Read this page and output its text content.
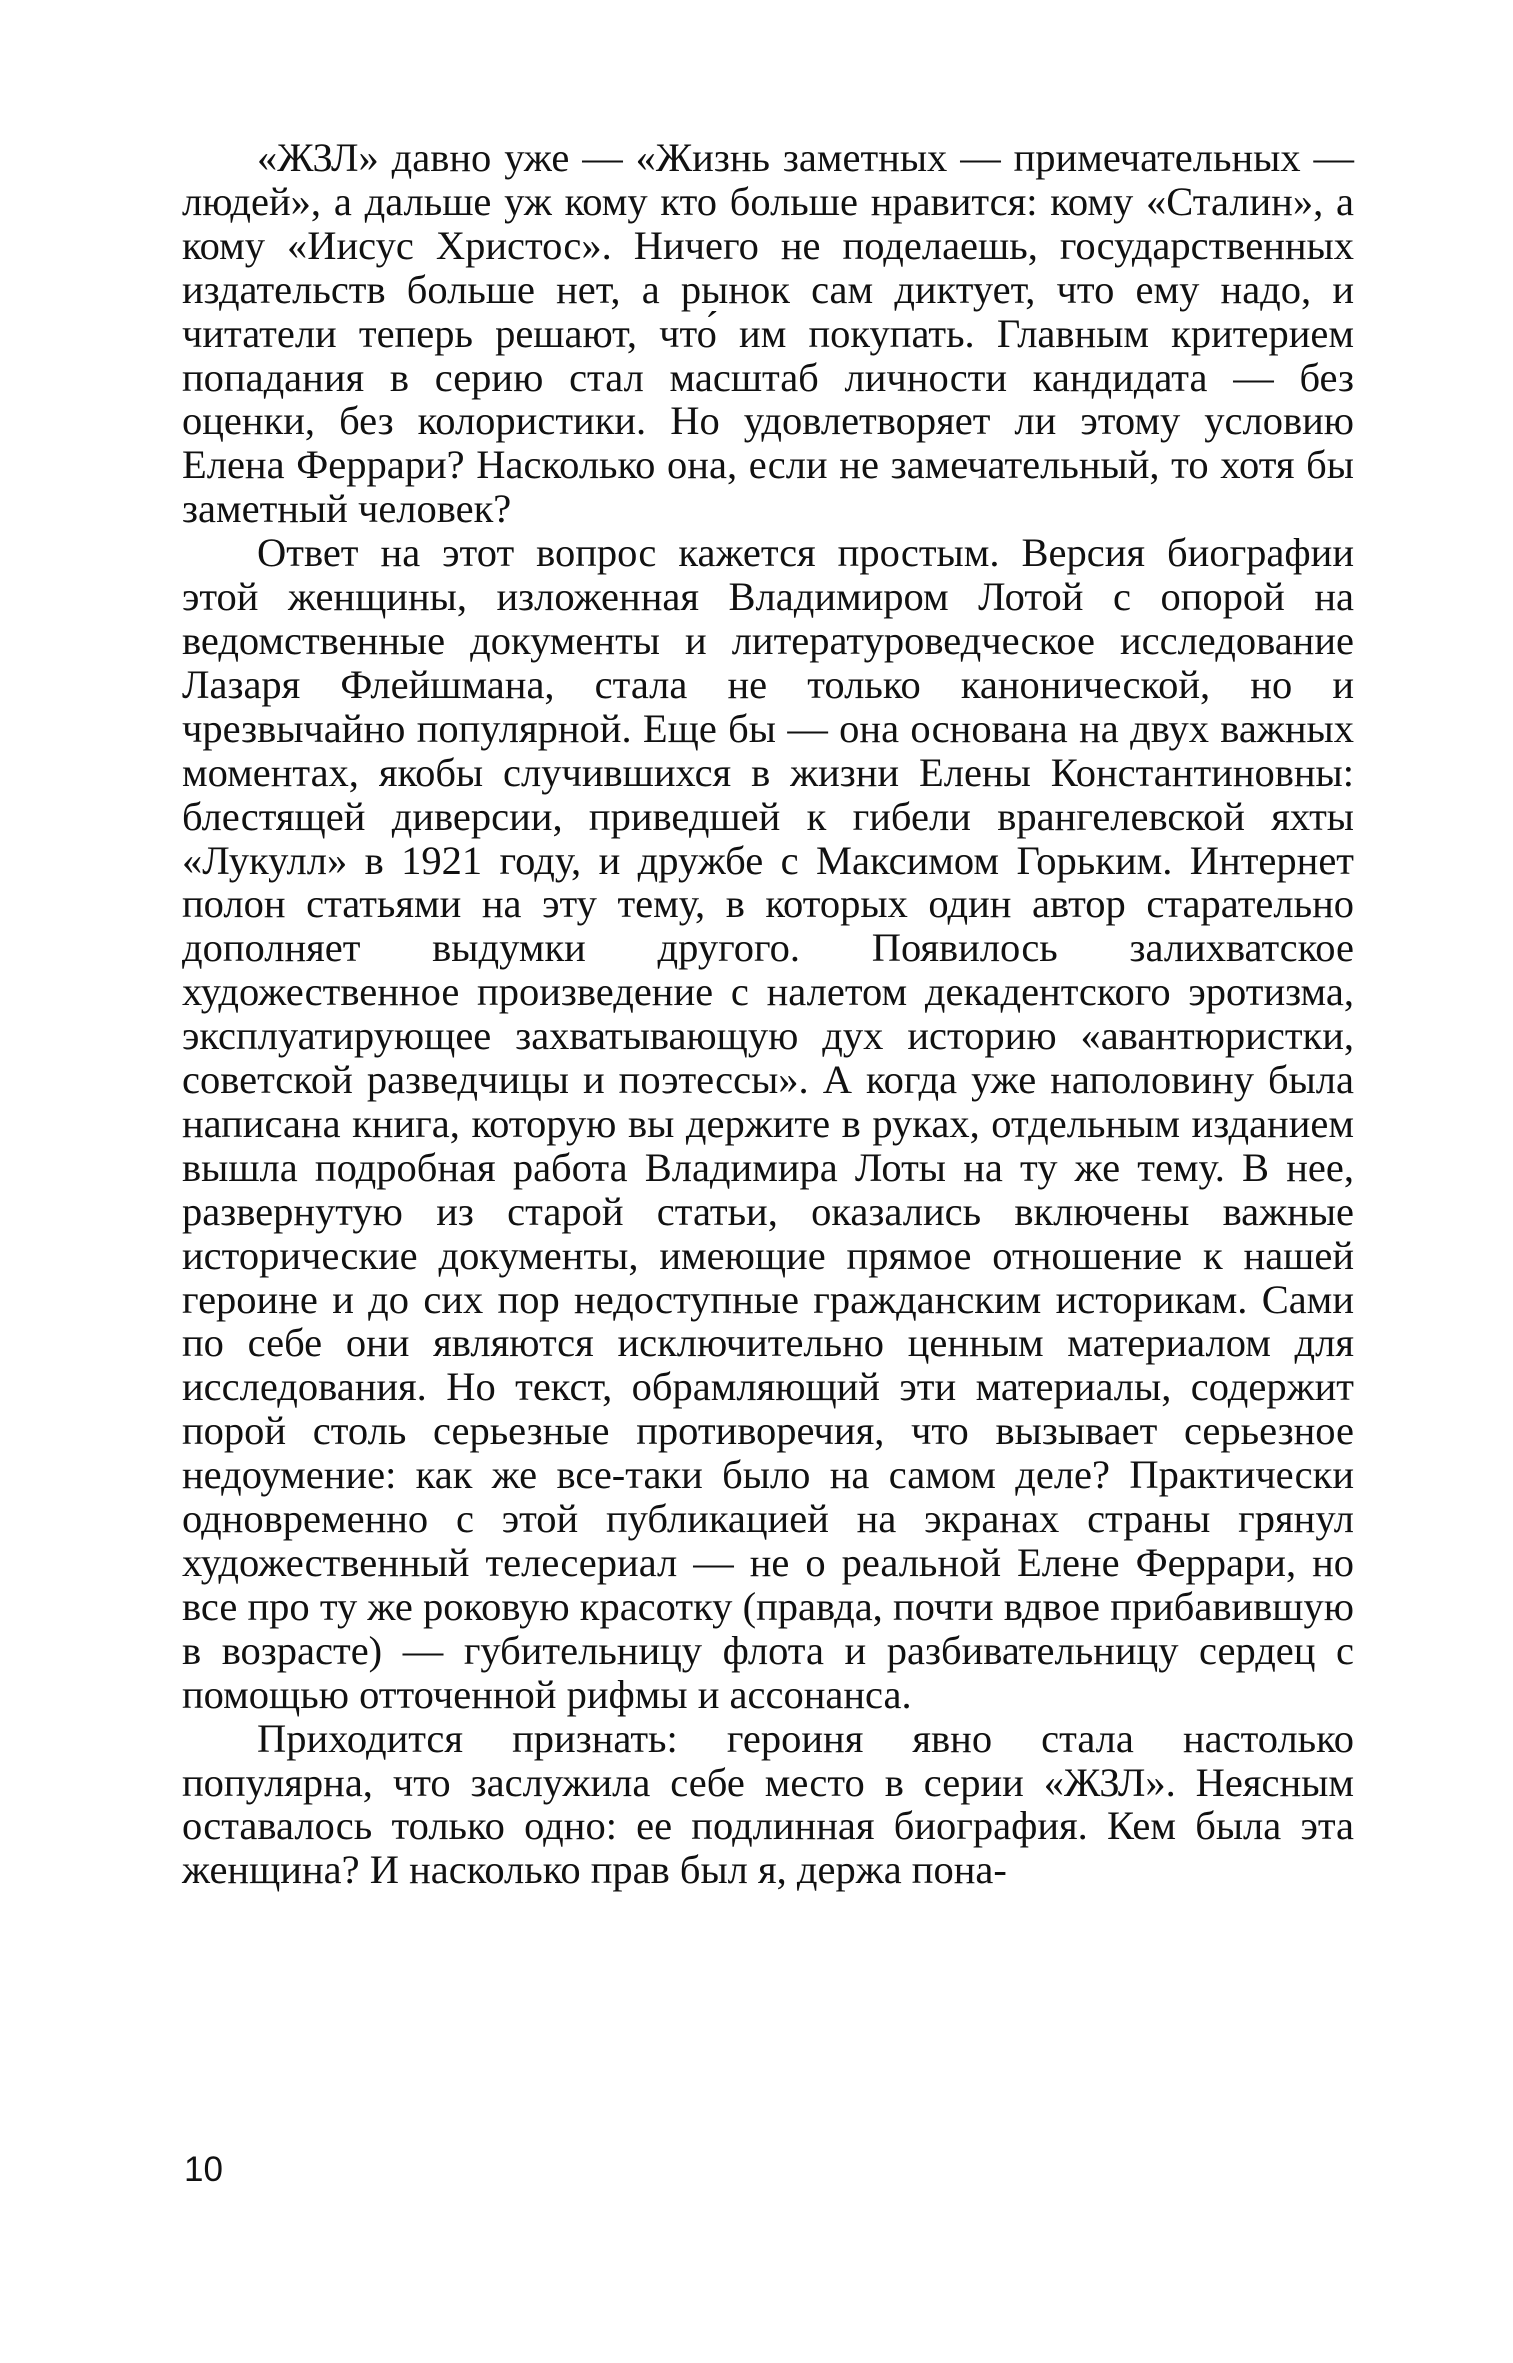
«ЖЗЛ» давно уже — «Жизнь заметных — примечательных — людей», а дальше уж кому кто больше нравится: кому «Сталин», а кому «Иисус Христос». Ничего не поделаешь, государственных издательств больше нет, а рынок сам диктует, что ему надо, и читатели теперь решают, что́ им покупать. Главным критерием попадания в серию стал масштаб личности кандидата — без оценки, без колористики. Но удовлетворяет ли этому условию Елена Феррари? Насколько она, если не замечательный, то хотя бы заметный человек?

Ответ на этот вопрос кажется простым. Версия биографии этой женщины, изложенная Владимиром Лотой с опорой на ведомственные документы и литературоведческое исследование Лазаря Флейшмана, стала не только канонической, но и чрезвычайно популярной. Еще бы — она основана на двух важных моментах, якобы случившихся в жизни Елены Константиновны: блестящей диверсии, приведшей к гибели врангелевской яхты «Лукулл» в 1921 году, и дружбе с Максимом Горьким. Интернет полон статьями на эту тему, в которых один автор старательно дополняет выдумки другого. Появилось залихватское художественное произведение с налетом декадентского эротизма, эксплуатирующее захватывающую дух историю «авантюристки, советской разведчицы и поэтессы». А когда уже наполовину была написана книга, которую вы держите в руках, отдельным изданием вышла подробная работа Владимира Лоты на ту же тему. В нее, развернутую из старой статьи, оказались включены важные исторические документы, имеющие прямое отношение к нашей героине и до сих пор недоступные гражданским историкам. Сами по себе они являются исключительно ценным материалом для исследования. Но текст, обрамляющий эти материалы, содержит порой столь серьезные противоречия, что вызывает серьезное недоумение: как же все-таки было на самом деле? Практически одновременно с этой публикацией на экранах страны грянул художественный телесериал — не о реальной Елене Феррари, но все про ту же роковую красотку (правда, почти вдвое прибавившую в возрасте) — губительницу флота и разбивательницу сердец с помощью отточенной рифмы и ассонанса.

Приходится признать: героиня явно стала настолько популярна, что заслужила себе место в серии «ЖЗЛ». Неясным оставалось только одно: ее подлинная биография. Кем была эта женщина? И насколько прав был я, держа пона-

10
